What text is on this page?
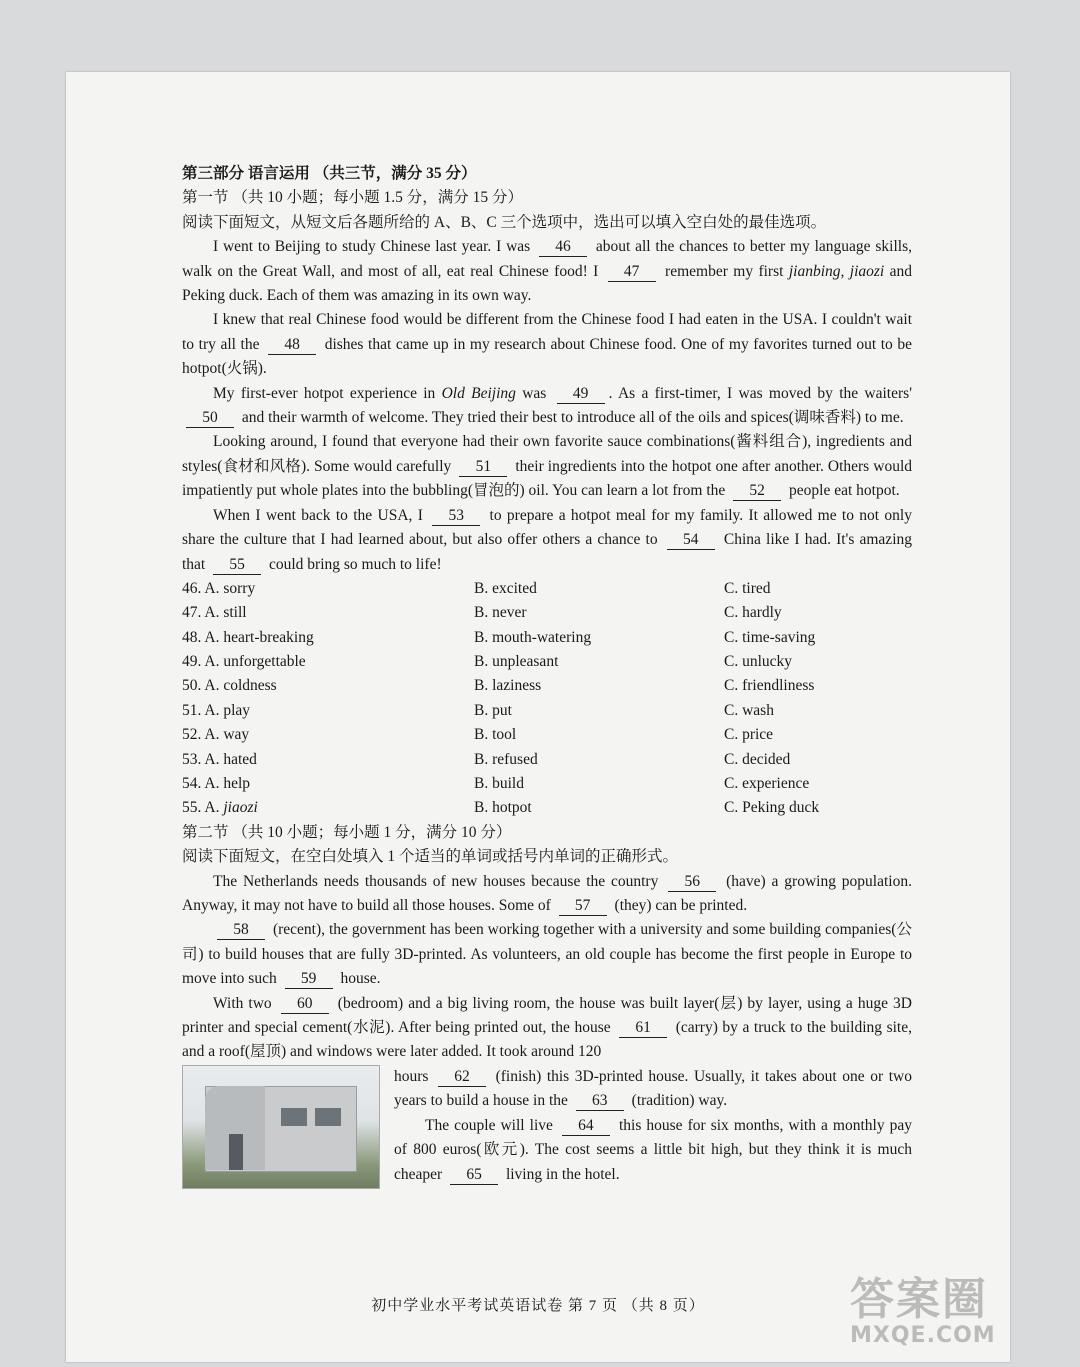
第三部分 语言运用 （共三节，满分 35 分）
第一节 （共 10 小题；每小题 1.5 分，满分 15 分）
阅读下面短文，从短文后各题所给的 A、B、C 三个选项中，选出可以填入空白处的最佳选项。

I went to Beijing to study Chinese last year. I was 46 about all the chances to better my language skills, walk on the Great Wall, and most of all, eat real Chinese food! I 47 remember my first jianbing, jiaozi and Peking duck. Each of them was amazing in its own way.

I knew that real Chinese food would be different from the Chinese food I had eaten in the USA. I couldn't wait to try all the 48 dishes that came up in my research about Chinese food. One of my favorites turned out to be hotpot(火锅).

My first-ever hotpot experience in Old Beijing was 49 . As a first-timer, I was moved by the waiters' 50 and their warmth of welcome. They tried their best to introduce all of the oils and spices(调味香料) to me.

Looking around, I found that everyone had their own favorite sauce combinations(酱料组合), ingredients and styles(食材和风格). Some would carefully 51 their ingredients into the hotpot one after another. Others would impatiently put whole plates into the bubbling(冒泡的) oil. You can learn a lot from the 52 people eat hotpot.

When I went back to the USA, I 53 to prepare a hotpot meal for my family. It allowed me to not only share the culture that I had learned about, but also offer others a chance to 54 China like I had. It's amazing that 55 could bring so much to life!

46. A. sorry	B. excited	C. tired
47. A. still	B. never	C. hardly
48. A. heart-breaking	B. mouth-watering	C. time-saving
49. A. unforgettable	B. unpleasant	C. unlucky
50. A. coldness	B. laziness	C. friendliness
51. A. play	B. put	C. wash
52. A. way	B. tool	C. price
53. A. hated	B. refused	C. decided
54. A. help	B. build	C. experience
55. A. jiaozi	B. hotpot	C. Peking duck
第二节 （共 10 小题；每小题 1 分，满分 10 分）
阅读下面短文，在空白处填入 1 个适当的单词或括号内单词的正确形式。

The Netherlands needs thousands of new houses because the country 56 (have) a growing population. Anyway, it may not have to build all those houses. Some of 57 (they) can be printed.

58 (recent), the government has been working together with a university and some building companies(公司) to build houses that are fully 3D-printed. As volunteers, an old couple has become the first people in Europe to move into such 59 house.

With two 60 (bedroom) and a big living room, the house was built layer(层) by layer, using a huge 3D printer and special cement(水泥). After being printed out, the house 61 (carry) by a truck to the building site, and a roof(屋顶) and windows were later added. It took around 120

hours 62 (finish) this 3D-printed house. Usually, it takes about one or two years to build a house in the 63 (tradition) way.

The couple will live 64 this house for six months, with a monthly pay of 800 euros(欧元). The cost seems a little bit high, but they think it is much cheaper 65 living in the hotel.

初中学业水平考试英语试卷 第 7 页 （共 8 页）	答案圈
MXQE.COM
